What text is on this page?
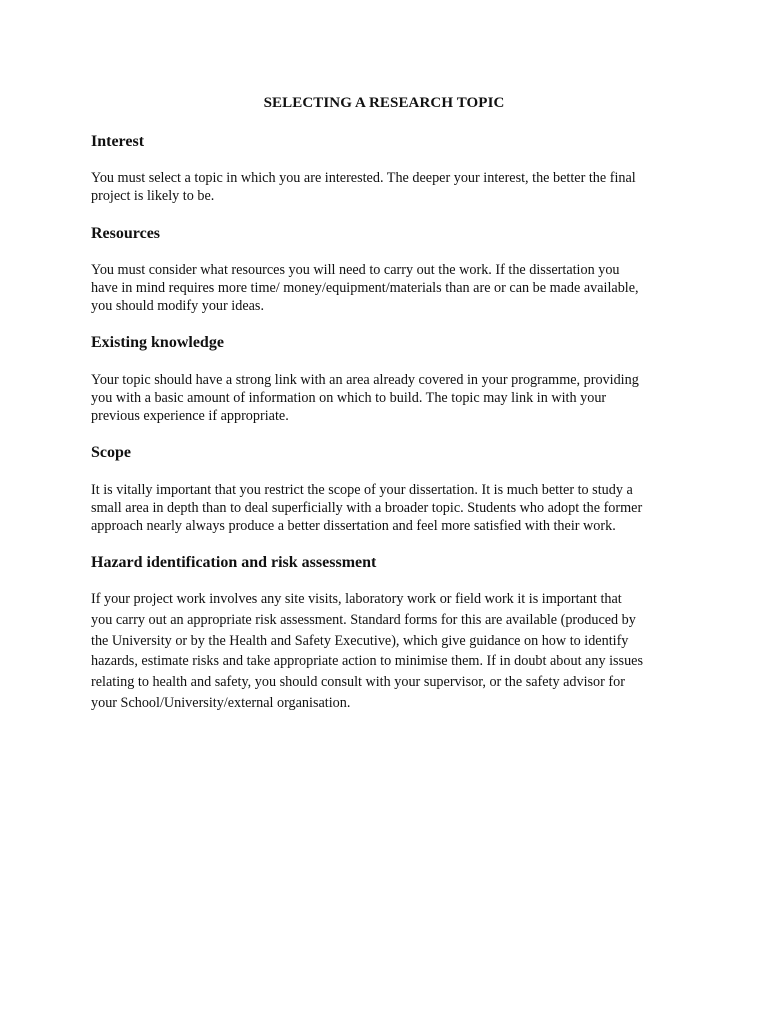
SELECTING A RESEARCH TOPIC
Interest

You must select a topic in which you are interested. The deeper your interest, the better the final
project is likely to be.

Resources

You must consider what resources you will need to carry out the work. If the dissertation you
have in mind requires more time/ money/equipment/materials than are or can be made available,
you should modify your ideas.

Existing knowledge

Your topic should have a strong link with an area already covered in your programme, providing
you with a basic amount of information on which to build. The topic may link in with your
previous experience if appropriate.

Scope

It is vitally important that you restrict the scope of your dissertation. It is much better to study a
small area in depth than to deal superficially with a broader topic. Students who adopt the former
approach nearly always produce a better dissertation and feel more satisfied with their work.

Hazard identification and risk assessment

If your project work involves any site visits, laboratory work or field work it is important that
you carry out an appropriate risk assessment. Standard forms for this are available (produced by
the University or by the Health and Safety Executive), which give guidance on how to identify
hazards, estimate risks and take appropriate action to minimise them. If in doubt about any issues
relating to health and safety, you should consult with your supervisor, or the safety advisor for
your School/University/external organisation.
